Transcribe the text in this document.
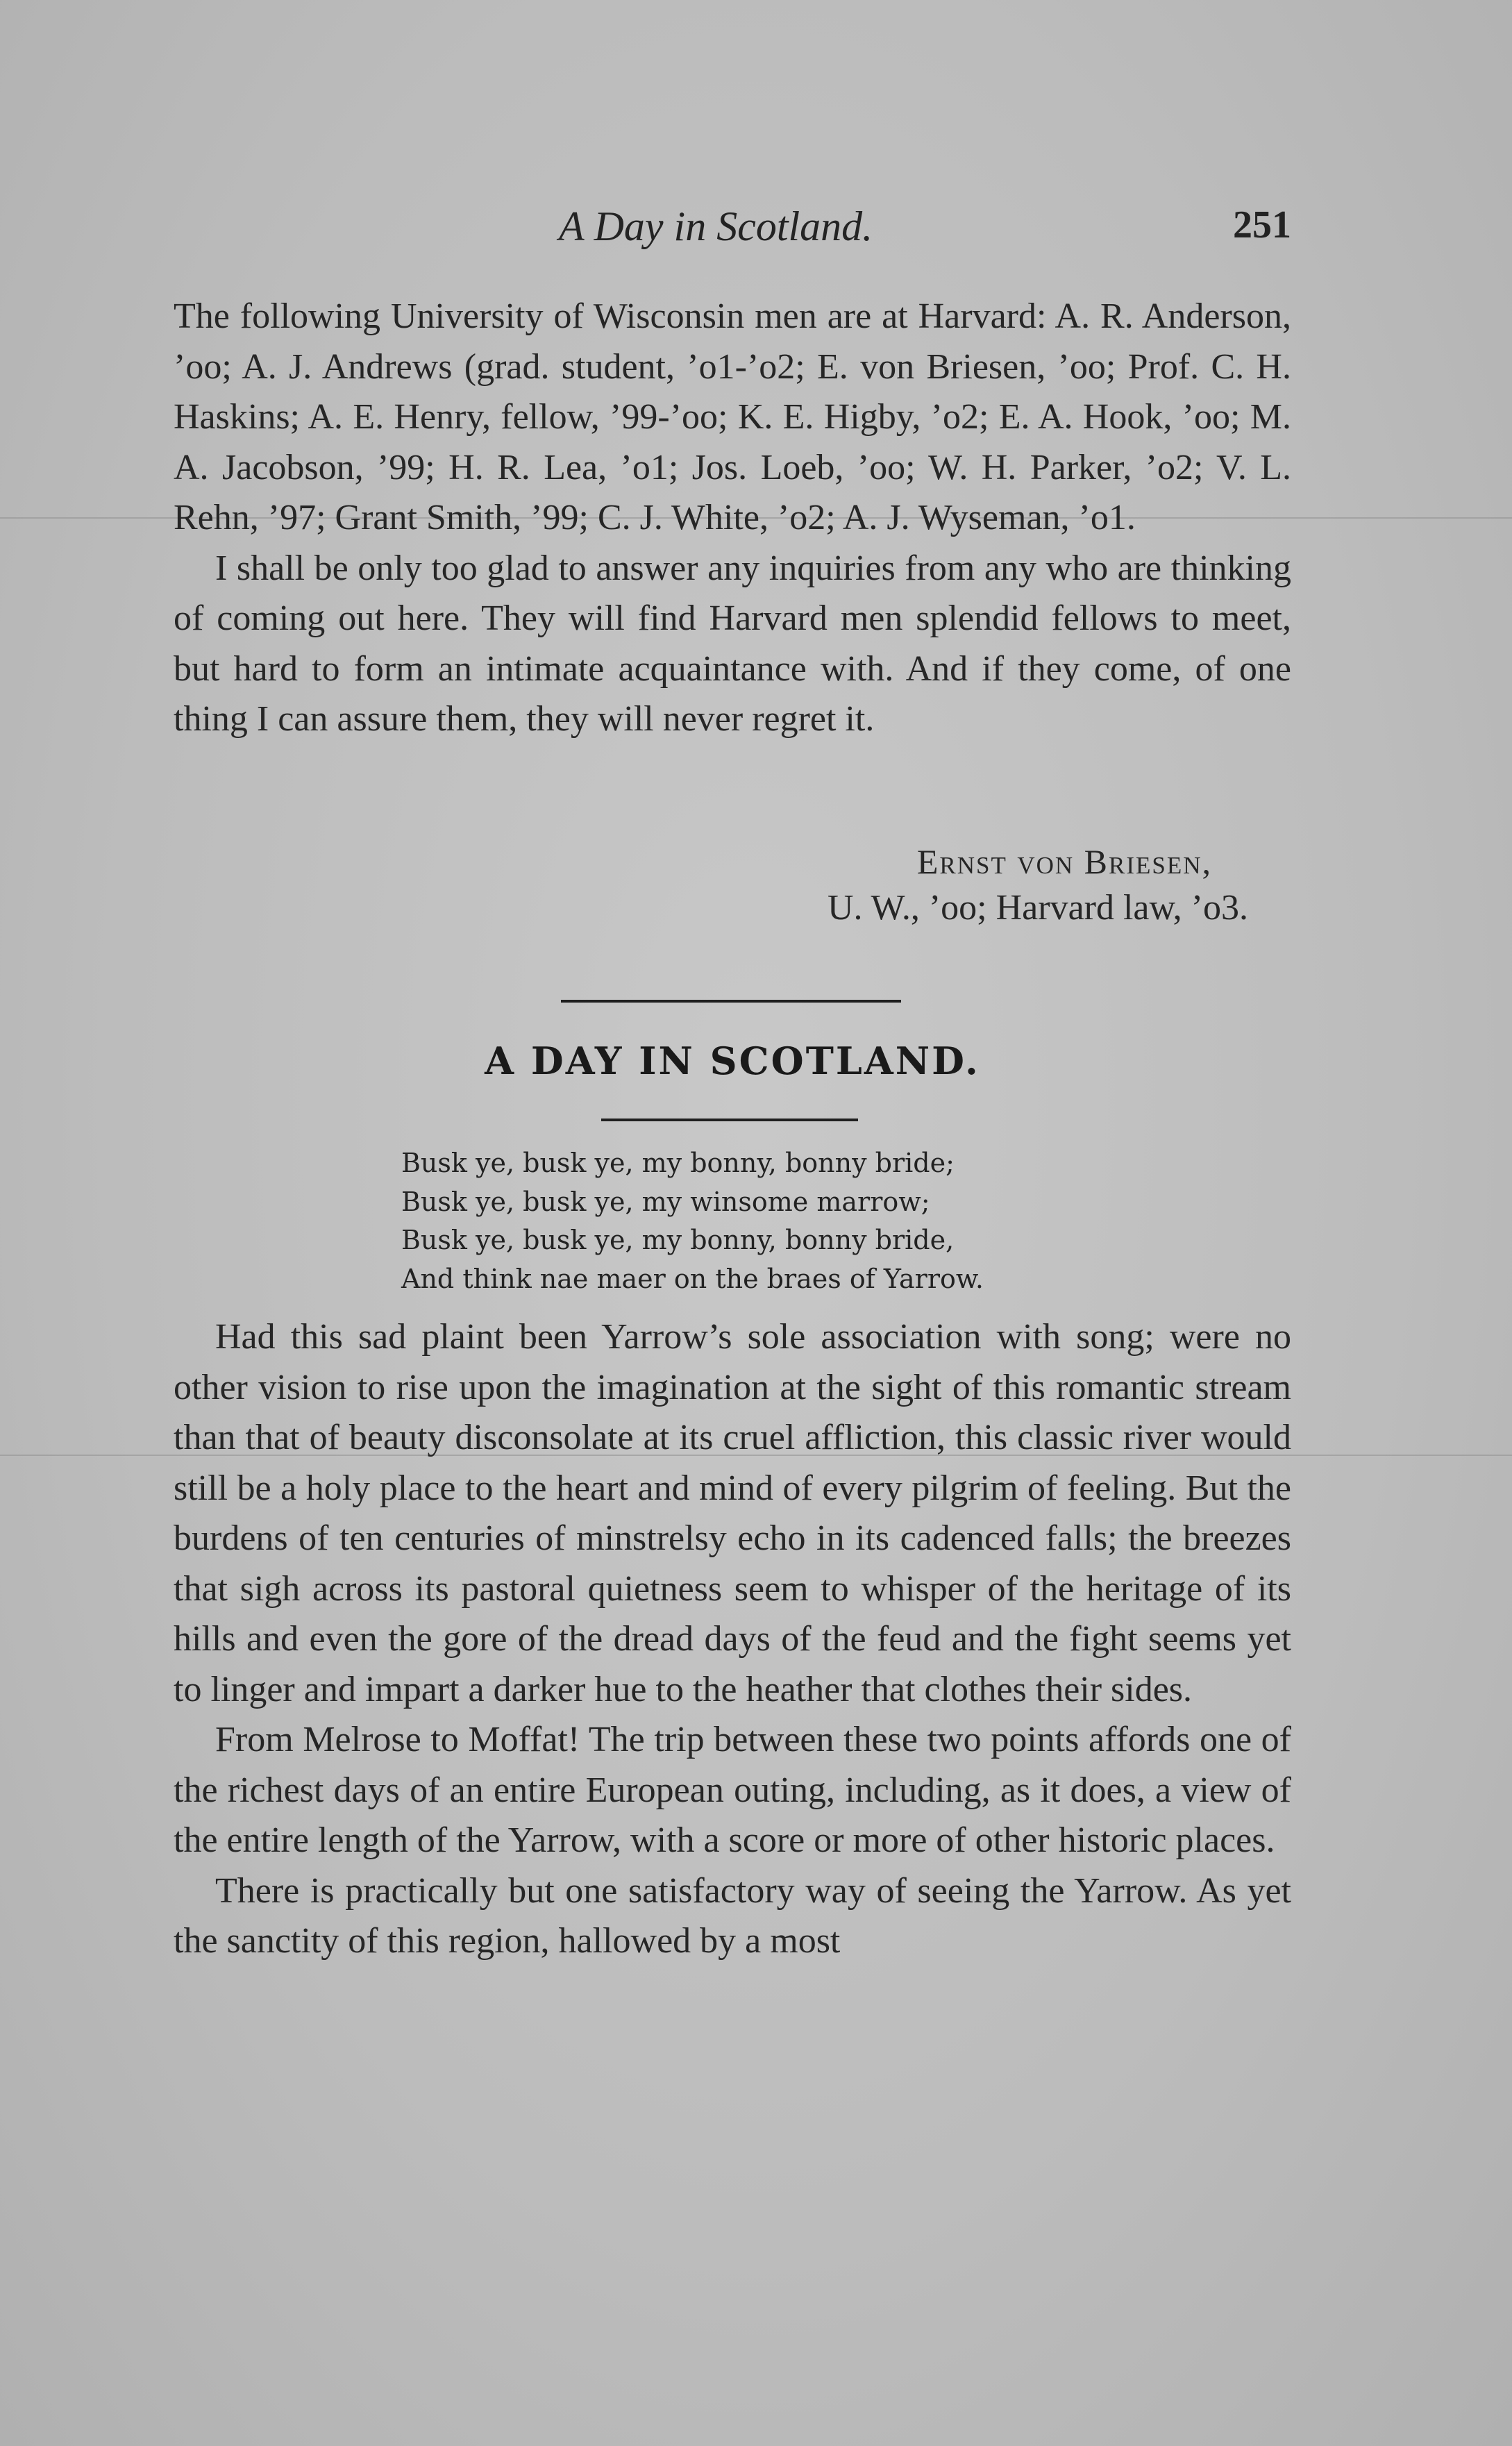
A Day in Scotland.	251

The following University of Wisconsin men are at Harvard: A. R. Anderson, ’oo; A. J. Andrews (grad. student, ’o1-’o2; E. von Briesen, ’oo; Prof. C. H. Haskins; A. E. Henry, fellow, ’99-’oo; K. E. Higby, ’o2; E. A. Hook, ’oo; M. A. Jacobson, ’99; H. R. Lea, ’o1; Jos. Loeb, ’oo; W. H. Parker, ’o2; V. L. Rehn, ’97; Grant Smith, ’99; C. J. White, ’o2; A. J. Wyseman, ’o1.

I shall be only too glad to answer any inquiries from any who are thinking of coming out here. They will find Harvard men splendid fellows to meet, but hard to form an intimate acquaintance with. And if they come, of one thing I can assure them, they will never regret it.

Ernst von Briesen,
U. W., ’oo; Harvard law, ’o3.
A DAY IN SCOTLAND.
Busk ye, busk ye, my bonny, bonny bride;
Busk ye, busk ye, my winsome marrow;
Busk ye, busk ye, my bonny, bonny bride,
And think nae maer on the braes of Yarrow.

Had this sad plaint been Yarrow’s sole association with song; were no other vision to rise upon the imagination at the sight of this romantic stream than that of beauty disconsolate at its cruel affliction, this classic river would still be a holy place to the heart and mind of every pilgrim of feeling. But the burdens of ten centuries of minstrelsy echo in its cadenced falls; the breezes that sigh across its pastoral quietness seem to whisper of the heritage of its hills and even the gore of the dread days of the feud and the fight seems yet to linger and impart a darker hue to the heather that clothes their sides.

From Melrose to Moffat! The trip between these two points affords one of the richest days of an entire European outing, including, as it does, a view of the entire length of the Yarrow, with a score or more of other historic places.

There is practically but one satisfactory way of seeing the Yarrow. As yet the sanctity of this region, hallowed by a most
